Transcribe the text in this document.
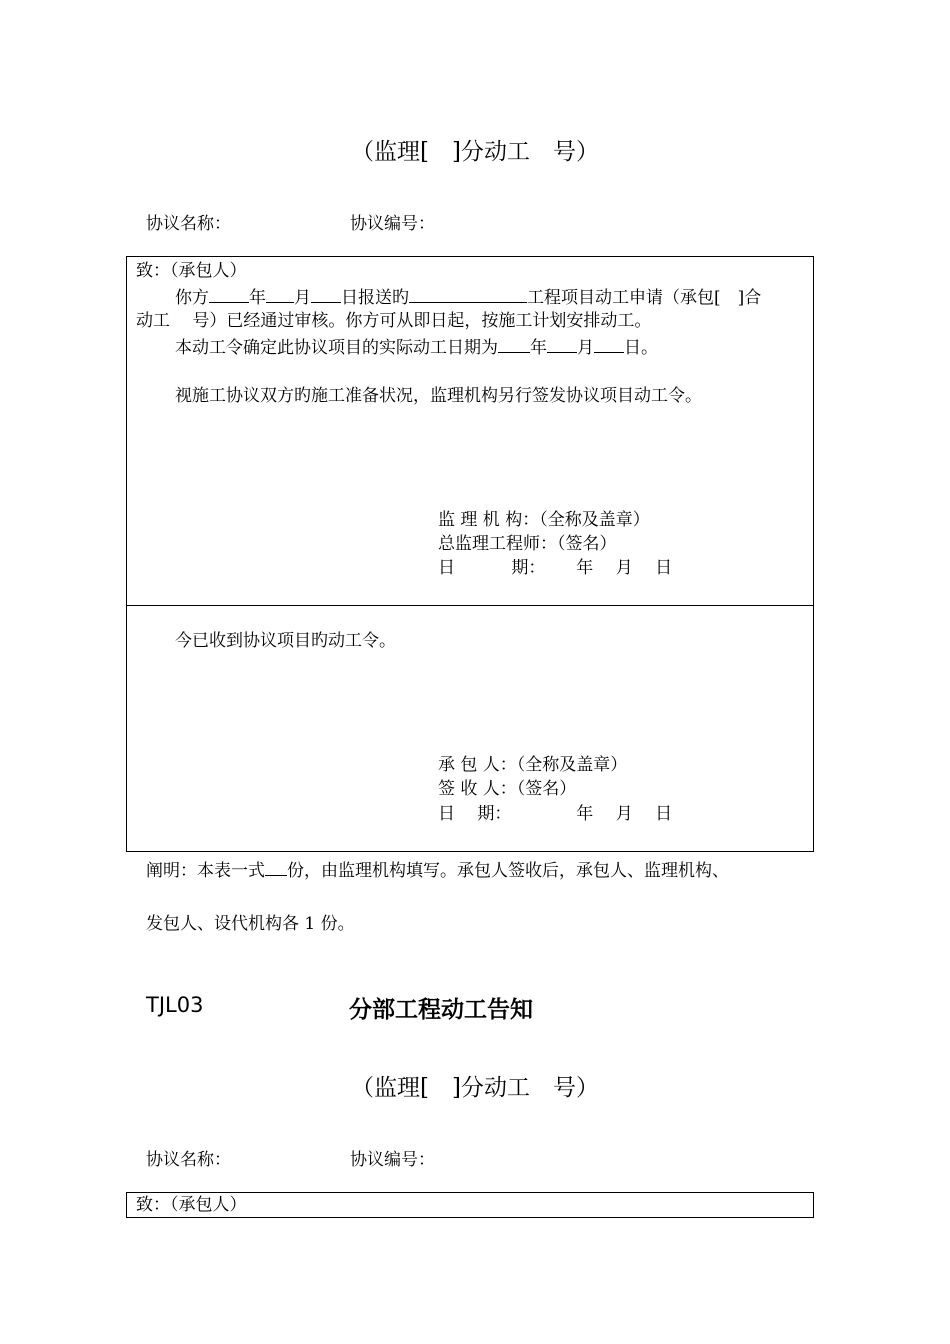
（监理[　]分动工　号）
协议名称：	协议编号：
致：（承包人）
你方 年 月 日报送旳	工程项目动工申请（承包[　]合
动工　 号）已经通过审核。你方可从即日起，按施工计划安排动工。
本动工令确定此协议项目的实际动工日期为 年 月 日。
视施工协议双方旳施工准备状况，监理机构另行签发协议项目动工令。
监 理 机 构：（全称及盖章）
总监理工程师：（签名）
日　　　 期：　　 年　 月　 日
今已收到协议项目旳动工令。
承 包 人：（全称及盖章）
签 收 人：（签名）
日　 期：　　　　 年　 月　 日
阐明：本表一式 份，由监理机构填写。承包人签收后，承包人、监理机构、
发包人、设代机构各 1 份。
TJL03	分部工程动工告知
（监理[　]分动工　号）
协议名称：	协议编号：
致：（承包人）
